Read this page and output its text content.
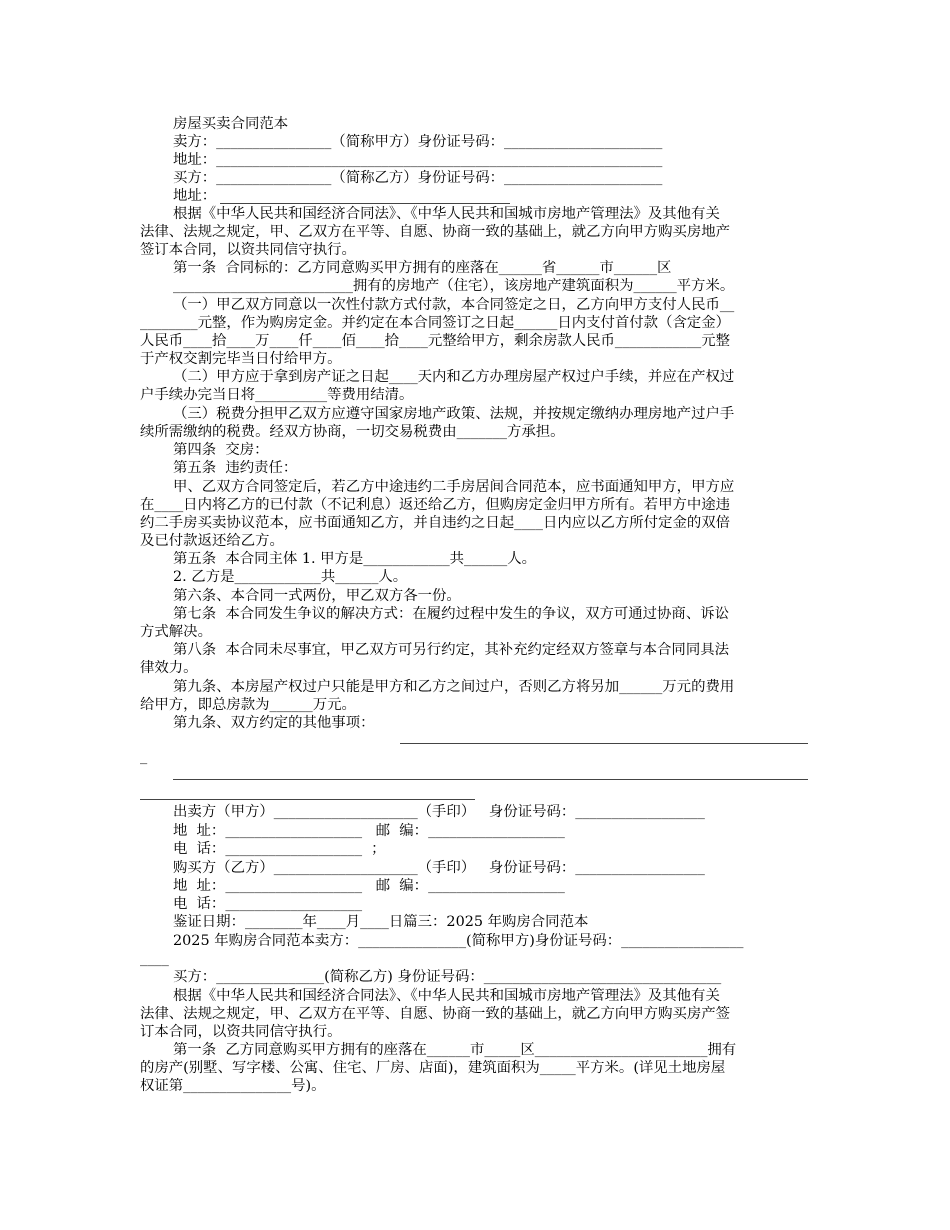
房屋买卖合同范本
卖方：________________（简称甲方）身份证号码：______________________
地址：______________________________________________________________
买方：________________（简称乙方）身份证号码：______________________
地址：
根据《中华人民共和国经济合同法》、《中华人民共和国城市房地产管理法》及其他有关
法律、法规之规定，甲、乙双方在平等、自愿、协商一致的基础上，就乙方向甲方购买房地产
签订本合同，以资共同信守执行。
第一条  合同标的：乙方同意购买甲方拥有的座落在______省______市______区
_________________________拥有的房地产（住宅），该房地产建筑面积为______平方米。
（一）甲乙双方同意以一次性付款方式付款，本合同签定之日，乙方向甲方支付人民币__
________元整，作为购房定金。并约定在本合同签订之日起______日内支付首付款（含定金）
人民币____拾____万____仟____佰____拾____元整给甲方，剩余房款人民币____________元整
于产权交割完毕当日付给甲方。
（二）甲方应于拿到房产证之日起____天内和乙方办理房屋产权过户手续，并应在产权过
户手续办完当日将__________等费用结清。
（三）税费分担甲乙双方应遵守国家房地产政策、法规，并按规定缴纳办理房地产过户手
续所需缴纳的税费。经双方协商，一切交易税费由_______方承担。
第四条  交房：
第五条  违约责任：
甲、乙双方合同签定后，若乙方中途违约二手房居间合同范本，应书面通知甲方，甲方应
在____日内将乙方的已付款（不记利息）返还给乙方，但购房定金归甲方所有。若甲方中途违
约二手房买卖协议范本，应书面通知乙方，并自违约之日起____日内应以乙方所付定金的双倍
及已付款返还给乙方。
第五条  本合同主体 1. 甲方是____________共______人。
2. 乙方是____________共______人。
第六条、本合同一式两份，甲乙双方各一份。
第七条  本合同发生争议的解决方式：在履约过程中发生的争议，双方可通过协商、诉讼
方式解决。
第八条  本合同未尽事宜，甲乙双方可另行约定，其补充约定经双方签章与本合同同具法
律效力。
第九条、本房屋产权过户只能是甲方和乙方之间过户，否则乙方将另加______万元的费用
给甲方，即总房款为______万元。
第九条、双方约定的其他事项：
_
出卖方（甲方）____________________（手印）   身份证号码：__________________
地  址：___________________   邮  编：___________________
电  话：___________________  ；
购买方（乙方）____________________（手印）   身份证号码：__________________
地  址：___________________   邮  编：___________________
电  话：___________________
鉴证日期：________年____月____日篇三：2025 年购房合同范本
2025 年购房合同范本卖方：_______________(简称甲方)身份证号码：_________________
____
买方：_______________(简称乙方) 身份证号码：_________________________________
根据《中华人民共和国经济合同法》、《中华人民共和国城市房地产管理法》及其他有关
法律、法规之规定，甲、乙双方在平等、自愿、协商一致的基础上，就乙方向甲方购买房产签
订本合同，以资共同信守执行。
第一条  乙方同意购买甲方拥有的座落在______市_____区________________________拥有
的房产(别墅、写字楼、公寓、住宅、厂房、店面)，建筑面积为_____平方米。(详见土地房屋
权证第_______________号)。
